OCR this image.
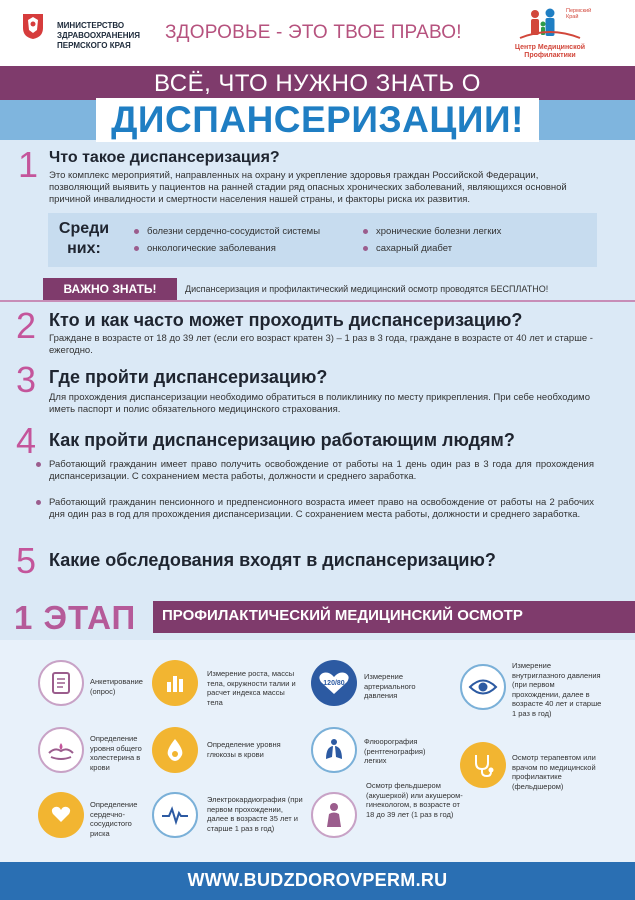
МИНИСТЕРСТВО
ЗДРАВООХРАНЕНИЯ
ПЕРМСКОГО КРАЯ
ЗДОРОВЬЕ - ЭТО ТВОЕ ПРАВО!
Пермский
Край
Центр Медицинской
Профилактики
ВСЁ, ЧТО НУЖНО ЗНАТЬ О
ДИСПАНСЕРИЗАЦИИ!
1 Что такое диспансеризация?
Это комплекс мероприятий, направленных на охрану и укрепление здоровья граждан Российской Федерации, позволяющий выявить у пациентов на ранней стадии ряд опасных хронических заболеваний, являющихся основной причиной инвалидности и смертности населения нашей страны, и факторы риска их развития.
Среди
них:
болезни сердечно-сосудистой системы	хронические болезни легких
онкологические заболевания	сахарный диабет
ВАЖНО ЗНАТЬ!	Диспансеризация и профилактический медицинский осмотр проводятся БЕСПЛАТНО!
2 Кто и как часто может проходить диспансеризацию?
Граждане в возрасте от 18 до 39 лет (если его возраст кратен 3) – 1 раз в 3 года, граждане в возрасте от 40 лет и старше - ежегодно.
3 Где пройти диспансеризацию?
Для прохождения диспансеризации необходимо обратиться в поликлинику по месту прикрепления. При себе необходимо иметь паспорт и полис обязательного медицинского страхования.
4 Как пройти диспансеризацию работающим людям?
Работающий гражданин имеет право получить освобождение от работы на 1 день один раз в 3 года для прохождения диспансеризации. С сохранением места работы, должности и среднего заработка.
Работающий гражданин пенсионного и предпенсионного возраста имеет право на освобождение от работы на 2 рабочих дня один раз в год для прохождения диспансеризации. С сохранением места работы, должности и среднего заработка.
5 Какие обследования входят в диспансеризацию?
1 ЭТАП ПРОФИЛАКТИЧЕСКИЙ МЕДИЦИНСКИЙ ОСМОТР
Анкетирование (опрос)
Измерение роста, массы тела, окружности талии и расчет индекса массы тела
120/80
Измерение артериального давления
Измерение внутриглазного давления (при первом прохождении, далее в возрасте 40 лет и старше 1 раз в год)
Определение уровня общего холестерина в крови
Определение уровня глюкозы в крови
Флюорография (рентгенография) легких	Осмотр терапевтом или врачом по медицинской профилактике (фельдшером)
Определение сердечно-сосудистого риска
Электрокардиография (при первом прохождении, далее в возрасте 35 лет и старше 1 раз в год)
Осмотр фельдшером (акушеркой) или акушером-гинекологом, в возрасте от 18 до 39 лет (1 раз в год)
WWW.BUDZDOROVPERM.RU
